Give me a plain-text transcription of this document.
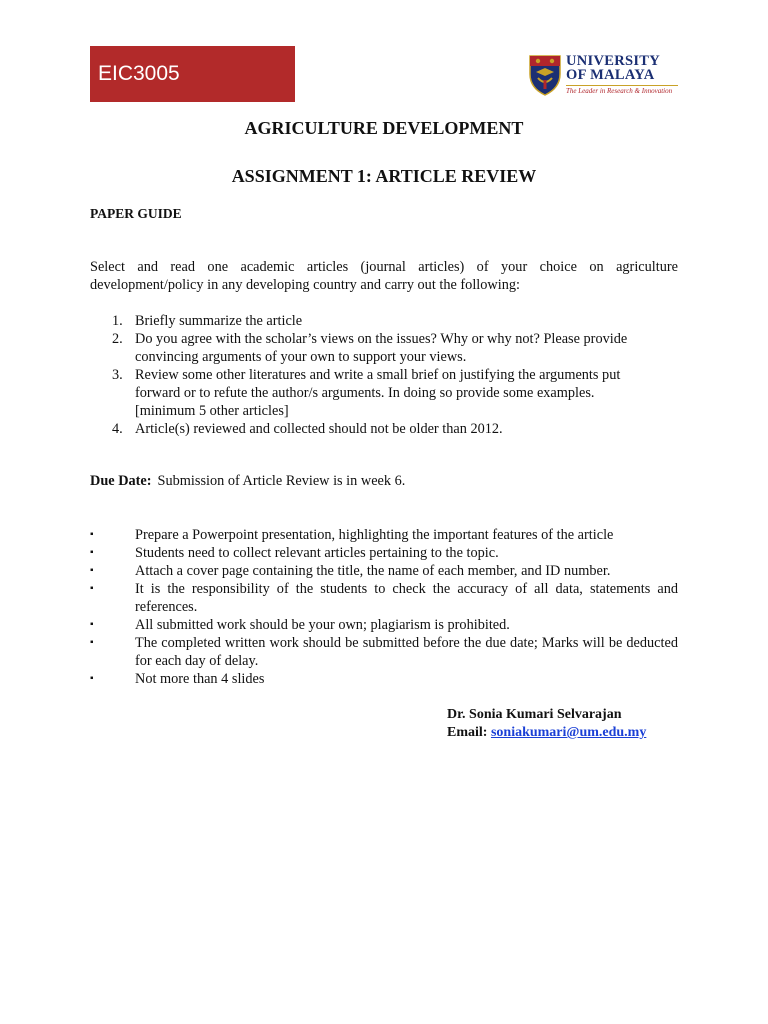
EIC3005
UNIVERSITY
OF MALAYA
The Leader in Research & Innovation
AGRICULTURE DEVELOPMENT
ASSIGNMENT 1: ARTICLE REVIEW
PAPER GUIDE
Select and read one academic articles (journal articles) of your choice on agriculture development/policy in any developing country and carry out the following:
1. Briefly summarize the article
2. Do you agree with the scholar’s views on the issues? Why or why not? Please provide
convincing arguments of your own to support your views.
3. Review some other literatures and write a small brief on justifying the arguments put
forward or to refute the author/s arguments. In doing so provide some examples.
[minimum 5 other articles]
4. Article(s) reviewed and collected should not be older than 2012.
Due Date: Submission of Article Review is in week 6.
▪	Prepare a Powerpoint presentation, highlighting the important features of the article
▪	Students need to collect relevant articles pertaining to the topic.
▪	Attach a cover page containing the title, the name of each member, and ID number.
▪	It is the responsibility of the students to check the accuracy of all data, statements and references.
▪	All submitted work should be your own; plagiarism is prohibited.
▪	The completed written work should be submitted before the due date; Marks will be deducted for each day of delay.
▪	Not more than 4 slides
Dr. Sonia Kumari Selvarajan
Email: soniakumari@um.edu.my
